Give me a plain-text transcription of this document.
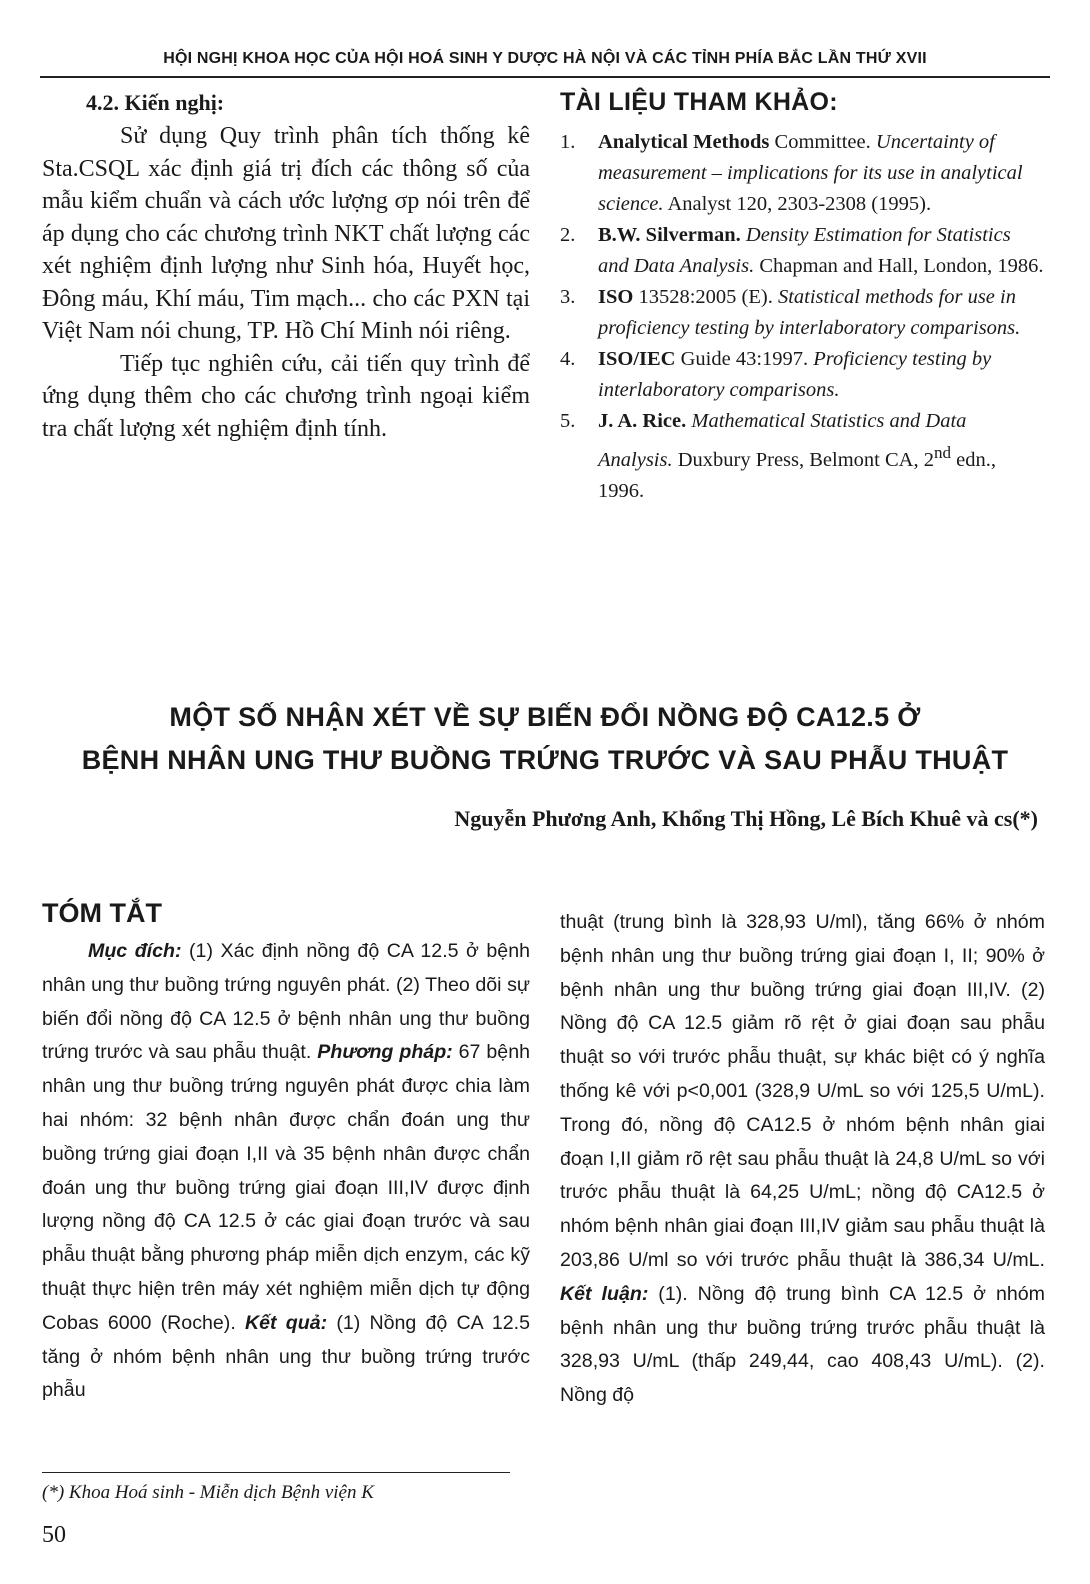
HỘI NGHỊ KHOA HỌC CỦA HỘI HOÁ SINH Y DƯỢC HÀ NỘI VÀ CÁC TỈNH PHÍA BẮC LẦN THỨ XVII
4.2. Kiến nghị:

Sử dụng Quy trình phân tích thống kê Sta.CSQL xác định giá trị đích các thông số của mẫu kiểm chuẩn và cách ước lượng σp nói trên để áp dụng cho các chương trình NKT chất lượng các xét nghiệm định lượng như Sinh hóa, Huyết học, Đông máu, Khí máu, Tim mạch... cho các PXN tại Việt Nam nói chung, TP. Hồ Chí Minh nói riêng.

Tiếp tục nghiên cứu, cải tiến quy trình để ứng dụng thêm cho các chương trình ngoại kiểm tra chất lượng xét nghiệm định tính.

TÀI LIỆU THAM KHẢO:
1. Analytical Methods Committee. Uncertainty of measurement – implications for its use in analytical science. Analyst 120, 2303-2308 (1995).
2. B.W. Silverman. Density Estimation for Statistics and Data Analysis. Chapman and Hall, London, 1986.
3. ISO 13528:2005 (E). Statistical methods for use in proficiency testing by interlaboratory comparisons.
4. ISO/IEC Guide 43:1997. Proficiency testing by interlaboratory comparisons.
5. J. A. Rice. Mathematical Statistics and Data Analysis. Duxbury Press, Belmont CA, 2nd edn., 1996.
MỘT SỐ NHẬN XÉT VỀ SỰ BIẾN ĐỔI NỒNG ĐỘ CA12.5 Ở
BỆNH NHÂN UNG THƯ BUỒNG TRỨNG TRƯỚC VÀ SAU PHẪU THUẬT
Nguyễn Phương Anh, Khổng Thị Hồng, Lê Bích Khuê và cs(*)
TÓM TẮT

Mục đích: (1) Xác định nồng độ CA 12.5 ở bệnh nhân ung thư buồng trứng nguyên phát. (2) Theo dõi sự biến đổi nồng độ CA 12.5 ở bệnh nhân ung thư buồng trứng trước và sau phẫu thuật. Phương pháp: 67 bệnh nhân ung thư buồng trứng nguyên phát được chia làm hai nhóm: 32 bệnh nhân được chẩn đoán ung thư buồng trứng giai đoạn I,II và 35 bệnh nhân được chẩn đoán ung thư buồng trứng giai đoạn III,IV được định lượng nồng độ CA 12.5 ở các giai đoạn trước và sau phẫu thuật bằng phương pháp miễn dịch enzym, các kỹ thuật thực hiện trên máy xét nghiệm miễn dịch tự động Cobas 6000 (Roche). Kết quả: (1) Nồng độ CA 12.5 tăng ở nhóm bệnh nhân ung thư buồng trứng trước phẫu

thuật (trung bình là 328,93 U/ml), tăng 66% ở nhóm bệnh nhân ung thư buồng trứng giai đoạn I, II; 90% ở bệnh nhân ung thư buồng trứng giai đoạn III,IV. (2) Nồng độ CA 12.5 giảm rõ rệt ở giai đoạn sau phẫu thuật so với trước phẫu thuật, sự khác biệt có ý nghĩa thống kê với p<0,001 (328,9 U/mL so với 125,5 U/mL). Trong đó, nồng độ CA12.5 ở nhóm bệnh nhân giai đoạn I,II giảm rõ rệt sau phẫu thuật là 24,8 U/mL so với trước phẫu thuật là 64,25 U/mL; nồng độ CA12.5 ở nhóm bệnh nhân giai đoạn III,IV giảm sau phẫu thuật là 203,86 U/ml so với trước phẫu thuật là 386,34 U/mL. Kết luận: (1). Nồng độ trung bình CA 12.5 ở nhóm bệnh nhân ung thư buồng trứng trước phẫu thuật là 328,93 U/mL (thấp 249,44, cao 408,43 U/mL). (2). Nồng độ

(*) Khoa Hoá sinh - Miễn dịch Bệnh viện K
50
